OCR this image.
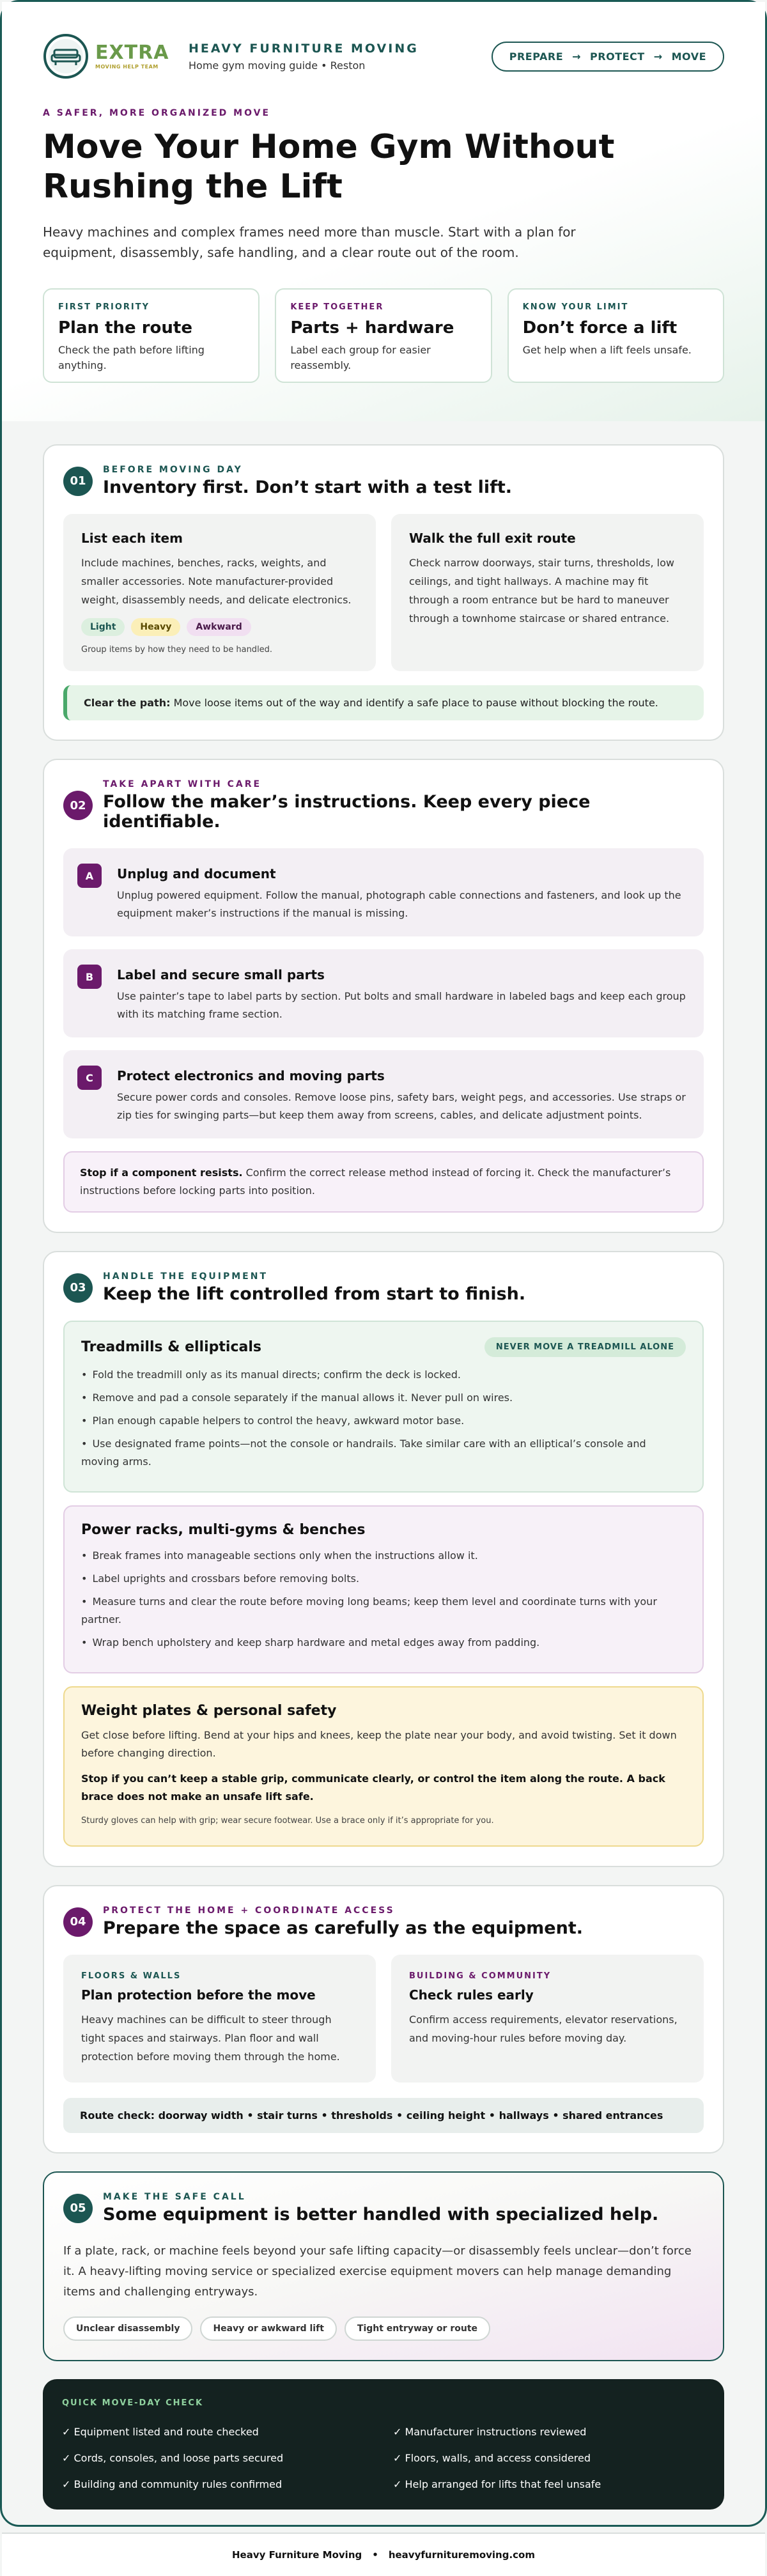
EXTRA
MOVING HELP TEAM
HEAVY FURNITURE MOVING
Home gym moving guide • Reston
PREPARE → PROTECT → MOVE
A SAFER, MORE ORGANIZED MOVE
Move Your Home Gym Without Rushing the Lift

Heavy machines and complex frames need more than muscle. Start with a plan for equipment, disassembly, safe handling, and a clear route out of the room.

FIRST PRIORITY
Plan the route
Check the path before lifting anything.
KEEP TOGETHER
Parts + hardware
Label each group for easier reassembly.
KNOW YOUR LIMIT
Don’t force a lift
Get help when a lift feels unsafe.
01
BEFORE MOVING DAY
Inventory first. Don’t start with a test lift.
List each item

Include machines, benches, racks, weights, and smaller accessories. Note manufacturer-provided weight, disassembly needs, and delicate electronics.

Light	Heavy	Awkward
Group items by how they need to be handled.
Walk the full exit route

Check narrow doorways, stair turns, thresholds, low ceilings, and tight hallways. A machine may fit through a room entrance but be hard to maneuver through a townhome staircase or shared entrance.

Clear the path: Move loose items out of the way and identify a safe place to pause without blocking the route.
02
TAKE APART WITH CARE
Follow the maker’s instructions. Keep every piece identifiable.
A	Unplug and document

Unplug powered equipment. Follow the manual, photograph cable connections and fasteners, and look up the equipment maker’s instructions if the manual is missing.

B	Label and secure small parts

Use painter’s tape to label parts by section. Put bolts and small hardware in labeled bags and keep each group with its matching frame section.

C	Protect electronics and moving parts

Secure power cords and consoles. Remove loose pins, safety bars, weight pegs, and accessories. Use straps or zip ties for swinging parts—but keep them away from screens, cables, and delicate adjustment points.

Stop if a component resists. Confirm the correct release method instead of forcing it. Check the manufacturer’s instructions before locking parts into position.
03
HANDLE THE EQUIPMENT
Keep the lift controlled from start to finish.
Treadmills & ellipticals	NEVER MOVE A TREADMILL ALONE
• Fold the treadmill only as its manual directs; confirm the deck is locked.
• Remove and pad a console separately if the manual allows it. Never pull on wires.
• Plan enough capable helpers to control the heavy, awkward motor base.
• Use designated frame points—not the console or handrails. Take similar care with an elliptical’s console and moving arms.
Power racks, multi-gyms & benches
• Break frames into manageable sections only when the instructions allow it.
• Label uprights and crossbars before removing bolts.
• Measure turns and clear the route before moving long beams; keep them level and coordinate turns with your partner.
• Wrap bench upholstery and keep sharp hardware and metal edges away from padding.
Weight plates & personal safety

Get close before lifting. Bend at your hips and knees, keep the plate near your body, and avoid twisting. Set it down before changing direction.

Stop if you can’t keep a stable grip, communicate clearly, or control the item along the route. A back brace does not make an unsafe lift safe.

Sturdy gloves can help with grip; wear secure footwear. Use a brace only if it’s appropriate for you.

04
PROTECT THE HOME + COORDINATE ACCESS
Prepare the space as carefully as the equipment.
FLOORS & WALLS
Plan protection before the move

Heavy machines can be difficult to steer through tight spaces and stairways. Plan floor and wall protection before moving them through the home.

BUILDING & COMMUNITY
Check rules early

Confirm access requirements, elevator reservations, and moving-hour rules before moving day.

Route check: doorway width • stair turns • thresholds • ceiling height • hallways • shared entrances
05
MAKE THE SAFE CALL
Some equipment is better handled with specialized help.

If a plate, rack, or machine feels beyond your safe lifting capacity—or disassembly feels unclear—don’t force it. A heavy-lifting moving service or specialized exercise equipment movers can help manage demanding items and challenging entryways.

Unclear disassembly	Heavy or awkward lift	Tight entryway or route
QUICK MOVE-DAY CHECK
✓ Equipment listed and route checked	✓ Manufacturer instructions reviewed
✓ Cords, consoles, and loose parts secured	✓ Floors, walls, and access considered
✓ Building and community rules confirmed	✓ Help arranged for lifts that feel unsafe
Heavy Furniture Moving • heavyfurnituremoving.com
